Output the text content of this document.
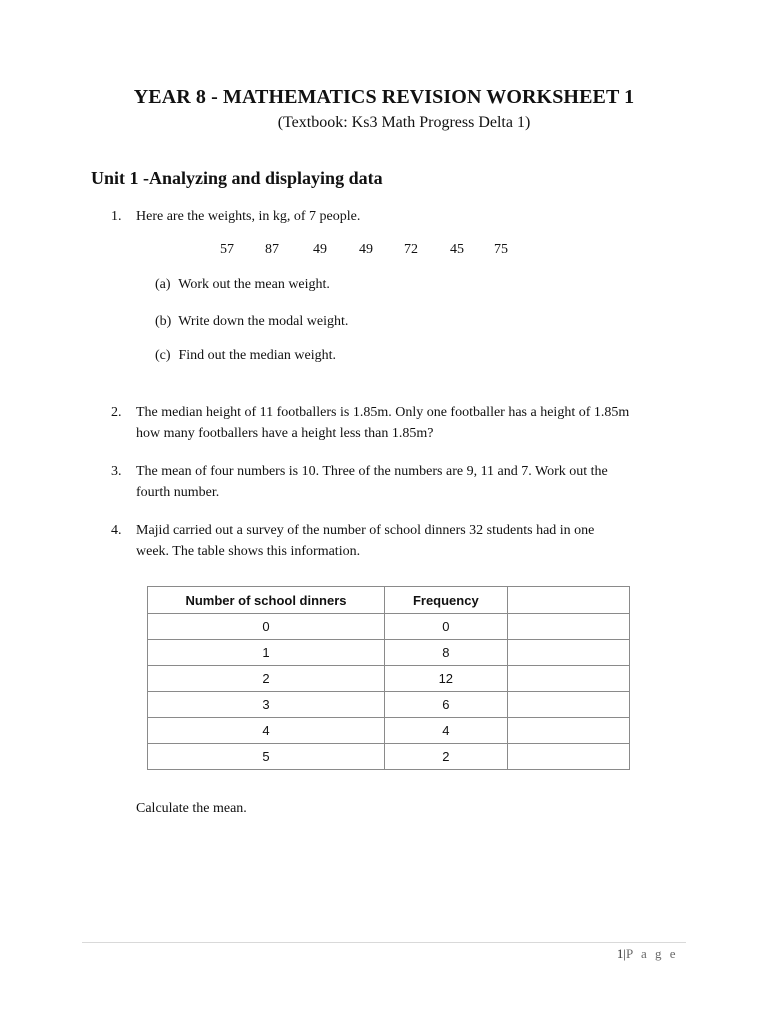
YEAR 8 - MATHEMATICS REVISION WORKSHEET 1
(Textbook: Ks3 Math Progress Delta 1)
Unit 1 -Analyzing and displaying data
1. Here are the weights, in kg, of 7 people.
57 87 49 49 72 45 75
(a) Work out the mean weight.
(b) Write down the modal weight.
(c) Find out the median weight.
2. The median height of 11 footballers is 1.85m. Only one footballer has a height of 1.85m
how many footballers have a height less than 1.85m?
3. The mean of four numbers is 10. Three of the numbers are 9, 11 and 7. Work out the
fourth number.
4. Majid carried out a survey of the number of school dinners 32 students had in one
week. The table shows this information.
Number of school dinners	Frequency	
0	0	
1	8	
2	12	
3	6	
4	4	
5	2	
Calculate the mean.
1|P a g e
